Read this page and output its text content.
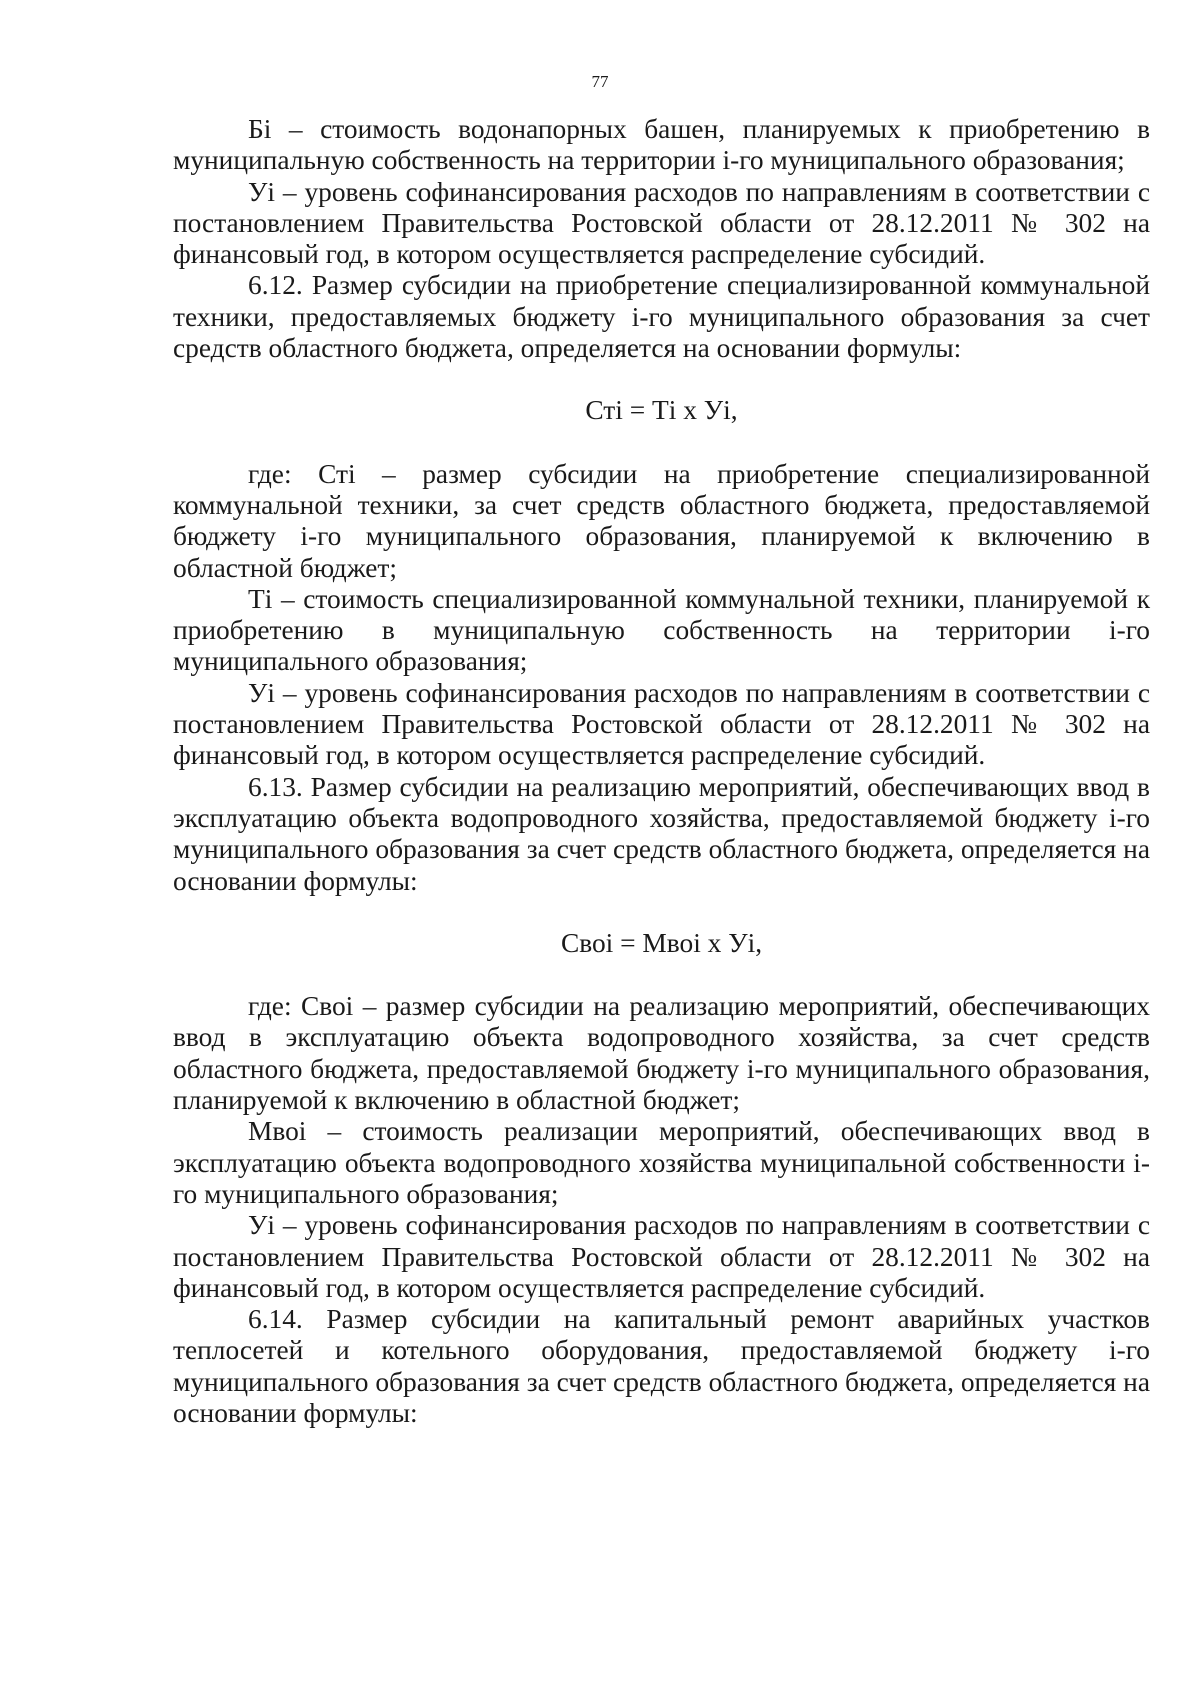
77

Бi – стоимость водонапорных башен, планируемых к приобретению в муниципальную собственность на территории i-го муниципального образования;

Уi – уровень софинансирования расходов по направлениям в соответствии с постановлением Правительства Ростовской области от 28.12.2011 № 302 на финансовый год, в котором осуществляется распределение субсидий.

6.12. Размер субсидии на приобретение специализированной коммунальной техники, предоставляемых бюджету i-го муниципального образования за счет средств областного бюджета, определяется на основании формулы:

Стi = Тi х Уi,

где: Стi – размер субсидии на приобретение специализированной коммунальной техники, за счет средств областного бюджета, предоставляемой бюджету i-го муниципального образования, планируемой к включению в областной бюджет;

Тi – стоимость специализированной коммунальной техники, планируемой к приобретению в муниципальную собственность на территории i-го муниципального образования;

Уi – уровень софинансирования расходов по направлениям в соответствии с постановлением Правительства Ростовской области от 28.12.2011 № 302 на финансовый год, в котором осуществляется распределение субсидий.

6.13. Размер субсидии на реализацию мероприятий, обеспечивающих ввод в эксплуатацию объекта водопроводного хозяйства, предоставляемой бюджету i-го муниципального образования за счет средств областного бюджета, определяется на основании формулы:

Своi = Мвоi х Уi,

где: Своi – размер субсидии на реализацию мероприятий, обеспечивающих ввод в эксплуатацию объекта водопроводного хозяйства, за счет средств областного бюджета, предоставляемой бюджету i-го муниципального образования, планируемой к включению в областной бюджет;

Мвоi – стоимость реализации мероприятий, обеспечивающих ввод в эксплуатацию объекта водопроводного хозяйства муниципальной собственности i-го муниципального образования;

Уi – уровень софинансирования расходов по направлениям в соответствии с постановлением Правительства Ростовской области от 28.12.2011 № 302 на финансовый год, в котором осуществляется распределение субсидий.

6.14. Размер субсидии на капитальный ремонт аварийных участков теплосетей и котельного оборудования, предоставляемой бюджету i-го муниципального образования за счет средств областного бюджета, определяется на основании формулы:
